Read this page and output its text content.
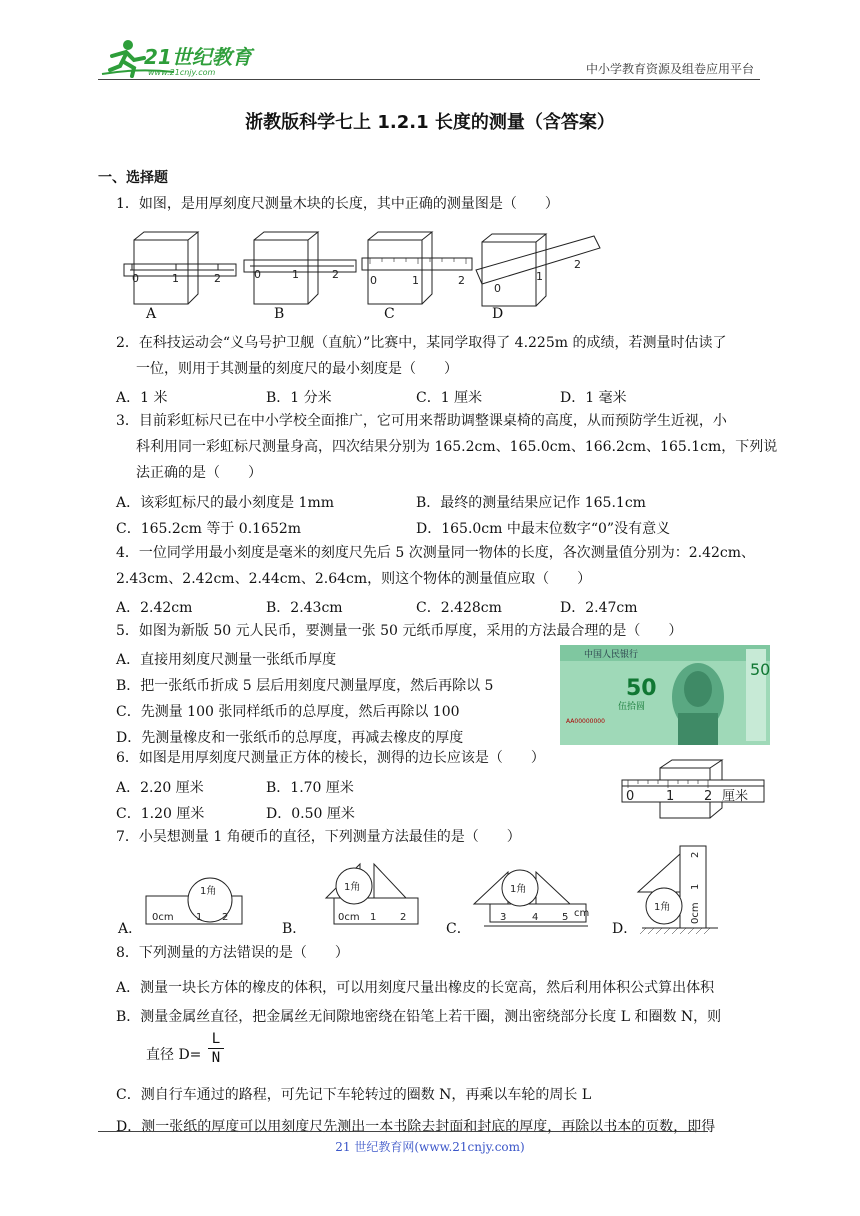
21世纪教育
www.21cnjy.com	中小学教育资源及组卷应用平台
浙教版科学七上 1.2.1 长度的测量（含答案）
一、选择题
1．如图，是用厚刻度尺测量木块的长度，其中正确的测量图是（　　）
0	1	2	0	1	2	0	1	2
0
1
2
A	B	C	D
2．在科技运动会“义乌号护卫舰（直航）”比赛中，某同学取得了 4.225m 的成绩，若测量时估读了
一位，则用于其测量的刻度尺的最小刻度是（　　）
A．1 米	B．1 分米	C．1 厘米	D．1 毫米
3．目前彩虹标尺已在中小学校全面推广，它可用来帮助调整课桌椅的高度，从而预防学生近视，小
科利用同一彩虹标尺测量身高，四次结果分别为 165.2cm、165.0cm、166.2cm、165.1cm，下列说
法正确的是（　　）
A．该彩虹标尺的最小刻度是 1mm	B．最终的测量结果应记作 165.1cm
C．165.2cm 等于 0.1652m	D．165.0cm 中最末位数字“0”没有意义
4．一位同学用最小刻度是毫米的刻度尺先后 5 次测量同一物体的长度，各次测量值分别为：2.42cm、
2.43cm、2.42cm、2.44cm、2.64cm，则这个物体的测量值应取（　　）
A．2.42cm	B．2.43cm	C．2.428cm	D．2.47cm
5．如图为新版 50 元人民币，要测量一张 50 元纸币厚度，采用的方法最合理的是（　　）
A．直接用刻度尺测量一张纸币厚度
B．把一张纸币折成 5 层后用刻度尺测量厚度，然后再除以 5
C．先测量 100 张同样纸币的总厚度，然后再除以 100
D．先测量橡皮和一张纸币的总厚度，再减去橡皮的厚度
中国人民银行
50
伍拾圆
AA00000000
50
6．如图是用厚刻度尺测量正方体的棱长，测得的边长应该是（　　）
A．2.20 厘米	B．1.70 厘米
C．1.20 厘米	D．0.50 厘米
0 1 2 厘米
7．小吴想测量 1 角硬币的直径，下列测量方法最佳的是（　　）
A．	B．	C．	D．
1角
0cm 1 2
1角
0cm 1 2
1角
3	4 5 cm
1角 0cm
1
2
8．下列测量的方法错误的是（　　）
A．测量一块长方体的橡皮的体积，可以用刻度尺量出橡皮的长宽高，然后利用体积公式算出体积
B．测量金属丝直径，把金属丝无间隙地密绕在铅笔上若干圈，测出密绕部分长度 L 和圈数 N，则
直径 $D= \frac{L}{N}$
C．测自行车通过的路程，可先记下车轮转过的圈数 N，再乘以车轮的周长 L
D．测一张纸的厚度可以用刻度尺先测出一本书除去封面和封底的厚度，再除以书本的页数，即得
21 世纪教育网(www.21cnjy.com)
